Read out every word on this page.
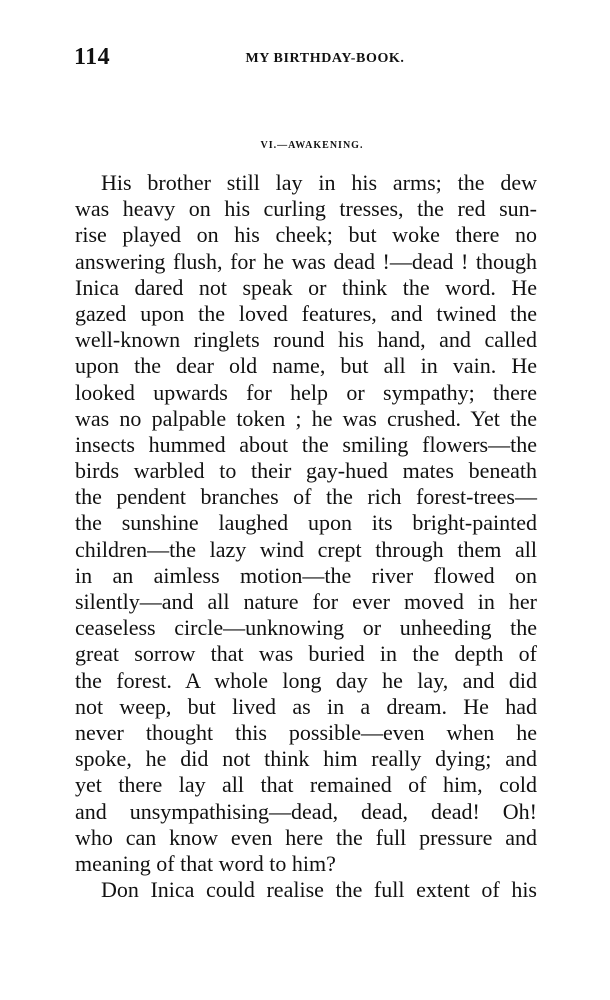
114	MY BIRTHDAY-BOOK.
VI.—AWAKENING.
His brother still lay in his arms; the dew
was heavy on his curling tresses, the red sun-
rise played on his cheek; but woke there no
answering flush, for he was dead !—dead ! though
Inica dared not speak or think the word. He
gazed upon the loved features, and twined the
well-known ringlets round his hand, and called
upon the dear old name, but all in vain. He
looked upwards for help or sympathy; there
was no palpable token ; he was crushed. Yet the
insects hummed about the smiling flowers—the
birds warbled to their gay-hued mates beneath
the pendent branches of the rich forest-trees—
the sunshine laughed upon its bright-painted
children—the lazy wind crept through them all
in an aimless motion—the river flowed on
silently—and all nature for ever moved in her
ceaseless circle—unknowing or unheeding the
great sorrow that was buried in the depth of
the forest. A whole long day he lay, and did
not weep, but lived as in a dream. He had
never thought this possible—even when he
spoke, he did not think him really dying; and
yet there lay all that remained of him, cold
and unsympathising—dead, dead, dead! Oh!
who can know even here the full pressure and
meaning of that word to him?
Don Inica could realise the full extent of his
